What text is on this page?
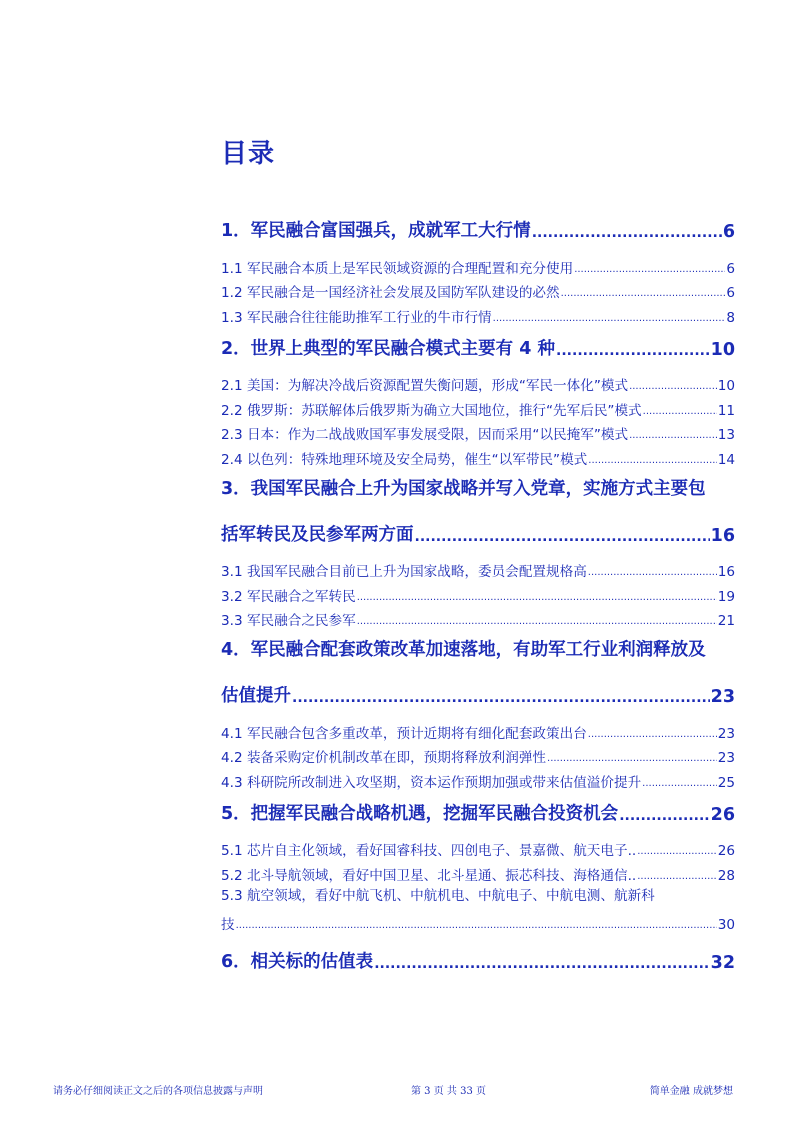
目录
1．军民融合富国强兵，成就军工大行情 .....	6
1.1 军民融合本质上是军民领域资源的合理配置和充分使用 .....	6
1.2 军民融合是一国经济社会发展及国防军队建设的必然 .....	6
1.3 军民融合往往能助推军工行业的牛市行情 .....	8
2．世界上典型的军民融合模式主要有 4 种 .....	10
2.1 美国：为解决冷战后资源配置失衡问题，形成“军民一体化”模式 .....	10
2.2 俄罗斯：苏联解体后俄罗斯为确立大国地位，推行“先军后民”模式 .....	11
2.3 日本：作为二战战败国军事发展受限，因而采用“以民掩军”模式 .....	13
2.4 以色列：特殊地理环境及安全局势，催生“以军带民”模式 .....	14
3．我国军民融合上升为国家战略并写入党章，实施方式主要包
括军转民及民参军两方面 .....	16
3.1 我国军民融合目前已上升为国家战略，委员会配置规格高 .....	16
3.2 军民融合之军转民 .....	19
3.3 军民融合之民参军 .....	21
4．军民融合配套政策改革加速落地，有助军工行业利润释放及
估值提升 .....	23
4.1 军民融合包含多重改革，预计近期将有细化配套政策出台 .....	23
4.2 装备采购定价机制改革在即，预期将释放利润弹性 .....	23
4.3 科研院所改制进入攻坚期，资本运作预期加强或带来估值溢价提升 .....	25
5．把握军民融合战略机遇，挖掘军民融合投资机会 .....	26
5.1 芯片自主化领域，看好国睿科技、四创电子、景嘉微、航天电子.. .....	26
5.2 北斗导航领域，看好中国卫星、北斗星通、振芯科技、海格通信.. .....	28
5.3 航空领域，看好中航飞机、中航机电、中航电子、中航电测、航新科
技 .....	30
6．相关标的估值表 .....	32
请务必仔细阅读正文之后的各项信息披露与声明	第 3 页 共 33 页	简单金融 成就梦想
